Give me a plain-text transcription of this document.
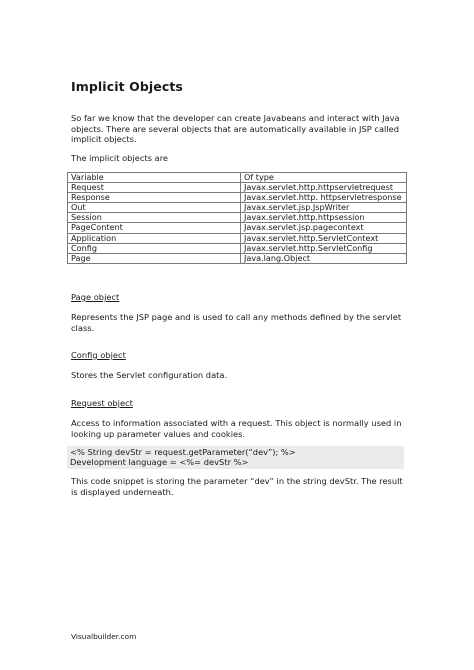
Implicit Objects

So far we know that the developer can create Javabeans and interact with Java objects. There are several objects that are automatically available in JSP called implicit objects.

The implicit objects are

Variable	Of type
Request	Javax.servlet.http.httpservletrequest
Response	Javax.servlet.http. httpservletresponse
Out	Javax.servlet.jsp.JspWriter
Session	Javax.servlet.http.httpsession
PageContent	Javax.servlet.jsp.pagecontext
Application	Javax.servlet.http.ServletContext
Config	Javax.servlet.http.ServletConfig
Page	Java.lang.Object

Page object

Represents the JSP page and is used to call any methods defined by the servlet class.

Config object

Stores the Servlet configuration data.

Request object

Access to information associated with a request. This object is normally used in looking up parameter values and cookies.

<% String devStr = request.getParameter(“dev”); %>
Development language = <%= devStr %>

This code snippet is storing the parameter “dev” in the string devStr. The result is displayed underneath.

Visualbuilder.com
